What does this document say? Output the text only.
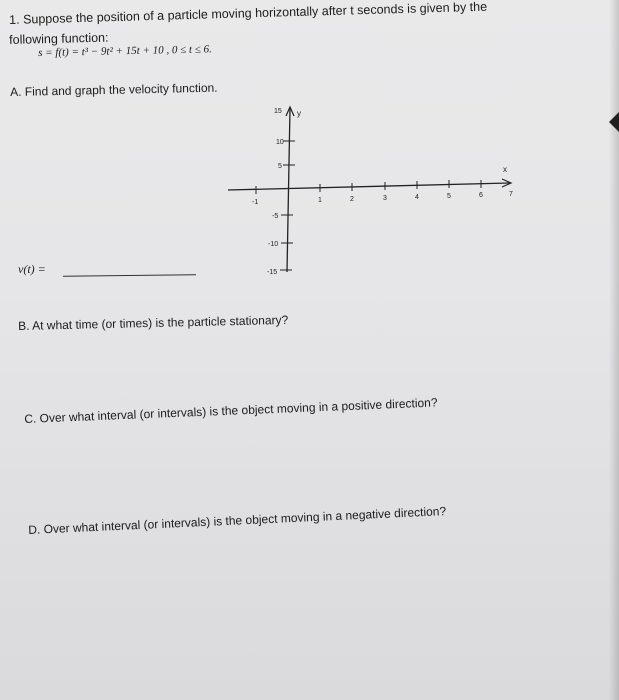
1. Suppose the position of a particle moving horizontally after t seconds is given by the
following function:
s = f(t) = t³ − 9t² + 15t + 10 , 0 ≤ t ≤ 6.
A. Find and graph the velocity function.
-1	1	2	3	4	5	6	7
15
10
5
-5
-10
-15
x
y
v(t) =
B. At what time (or times) is the particle stationary?
C. Over what interval (or intervals) is the object moving in a positive direction?
D. Over what interval (or intervals) is the object moving in a negative direction?
